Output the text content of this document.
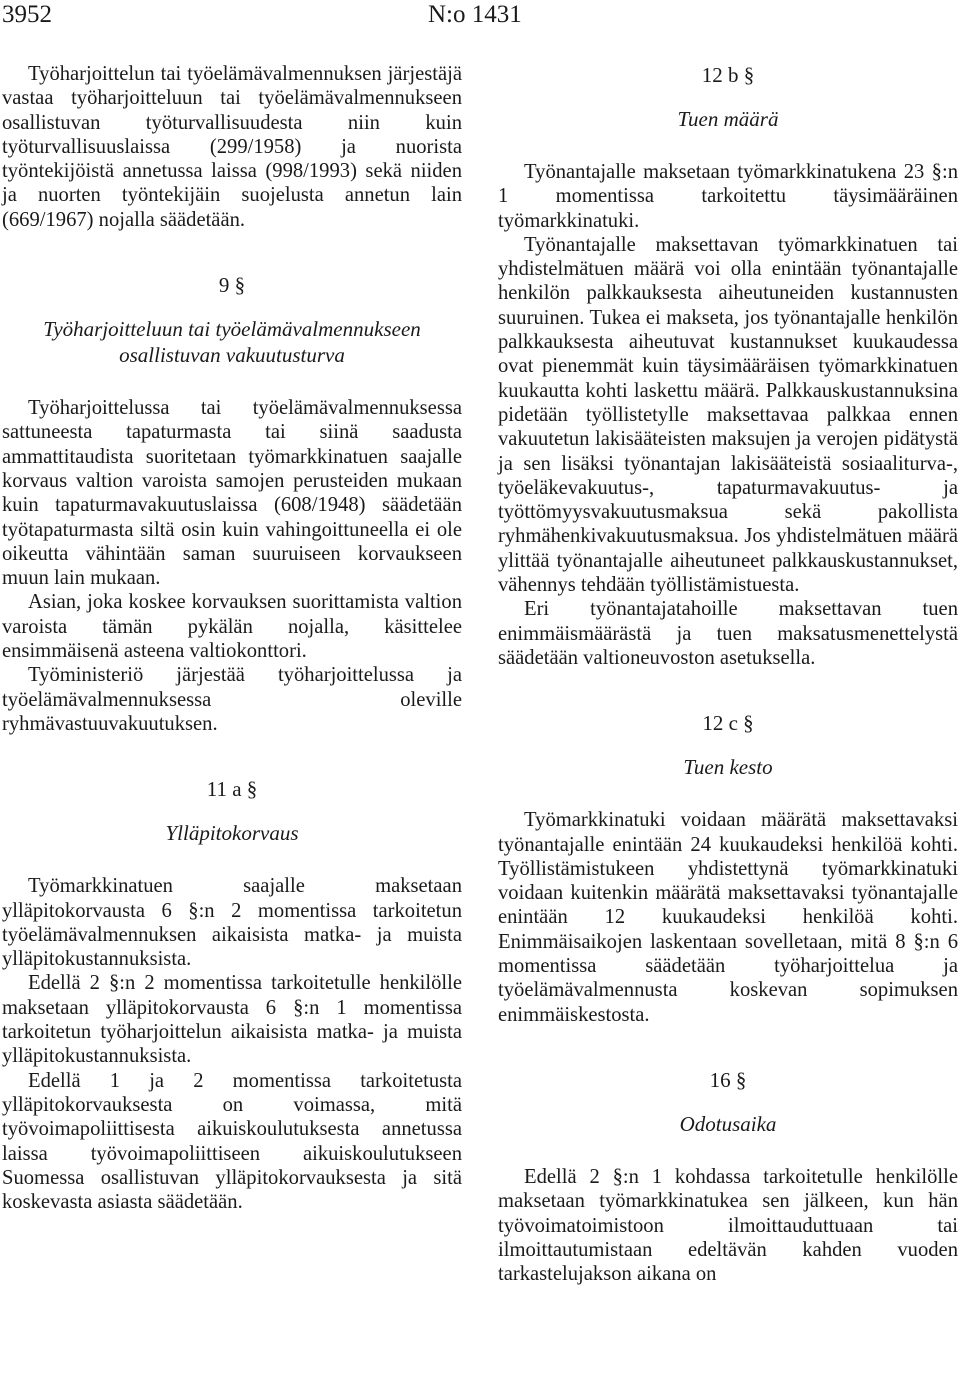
3952	N:o 1431

Työharjoittelun tai työelämävalmennuksen järjestäjä vastaa työharjoitteluun tai työelämävalmennukseen osallistuvan työturvallisuudesta niin kuin työturvallisuuslaissa (299/1958) ja nuorista työntekijöistä annetussa laissa (998/1993) sekä niiden ja nuorten työntekijäin suojelusta annetun lain (669/1967) nojalla säädetään.

9 §

Työharjoitteluun tai työelämävalmennukseen

osallistuvan vakuutusturva

Työharjoittelussa tai työelämävalmennuksessa sattuneesta tapaturmasta tai siinä saadusta ammattitaudista suoritetaan työmarkkinatuen saajalle korvaus valtion varoista samojen perusteiden mukaan kuin tapaturmavakuutuslaissa (608/1948) säädetään työtapaturmasta siltä osin kuin vahingoittuneella ei ole oikeutta vähintään saman suuruiseen korvaukseen muun lain mukaan.

Asian, joka koskee korvauksen suorittamista valtion varoista tämän pykälän nojalla, käsittelee ensimmäisenä asteena valtiokonttori.

Työministeriö järjestää työharjoittelussa ja työelämävalmennuksessa oleville ryhmävastuuvakuutuksen.

11 a §

Ylläpitokorvaus

Työmarkkinatuen saajalle maksetaan ylläpitokorvausta 6 §:n 2 momentissa tarkoitetun työelämävalmennuksen aikaisista matka- ja muista ylläpitokustannuksista.

Edellä 2 §:n 2 momentissa tarkoitetulle henkilölle maksetaan ylläpitokorvausta 6 §:n 1 momentissa tarkoitetun työharjoittelun aikaisista matka- ja muista ylläpitokustannuksista.

Edellä 1 ja 2 momentissa tarkoitetusta ylläpitokorvauksesta on voimassa, mitä työvoimapoliittisesta aikuiskoulutuksesta annetussa laissa työvoimapoliittiseen aikuiskoulutukseen Suomessa osallistuvan ylläpitokorvauksesta ja sitä koskevasta asiasta säädetään.

12 b §

Tuen määrä

Työnantajalle maksetaan työmarkkinatukena 23 §:n 1 momentissa tarkoitettu täysimääräinen työmarkkinatuki.

Työnantajalle maksettavan työmarkkinatuen tai yhdistelmätuen määrä voi olla enintään työnantajalle henkilön palkkauksesta aiheutuneiden kustannusten suuruinen. Tukea ei makseta, jos työnantajalle henkilön palkkauksesta aiheutuvat kustannukset kuukaudessa ovat pienemmät kuin täysimääräisen työmarkkinatuen kuukautta kohti laskettu määrä. Palkkauskustannuksina pidetään työllistetylle maksettavaa palkkaa ennen vakuutetun lakisääteisten maksujen ja verojen pidätystä ja sen lisäksi työnantajan lakisääteistä sosiaaliturva-, työeläkevakuutus-, tapaturmavakuutus- ja työttömyysvakuutusmaksua sekä pakollista ryhmähenkivakuutusmaksua. Jos yhdistelmätuen määrä ylittää työnantajalle aiheutuneet palkkauskustannukset, vähennys tehdään työllistämistuesta.

Eri työnantajatahoille maksettavan tuen enimmäismäärästä ja tuen maksatusmenettelystä säädetään valtioneuvoston asetuksella.

12 c §

Tuen kesto

Työmarkkinatuki voidaan määrätä maksettavaksi työnantajalle enintään 24 kuukaudeksi henkilöä kohti. Työllistämistukeen yhdistettynä työmarkkinatuki voidaan kuitenkin määrätä maksettavaksi työnantajalle enintään 12 kuukaudeksi henkilöä kohti. Enimmäisaikojen laskentaan sovelletaan, mitä 8 §:n 6 momentissa säädetään työharjoittelua ja työelämävalmennusta koskevan sopimuksen enimmäiskestosta.

16 §

Odotusaika

Edellä 2 §:n 1 kohdassa tarkoitetulle henkilölle maksetaan työmarkkinatukea sen jälkeen, kun hän työvoimatoimistoon ilmoittauduttuaan tai ilmoittautumistaan edeltävän kahden vuoden tarkastelujakson aikana on
